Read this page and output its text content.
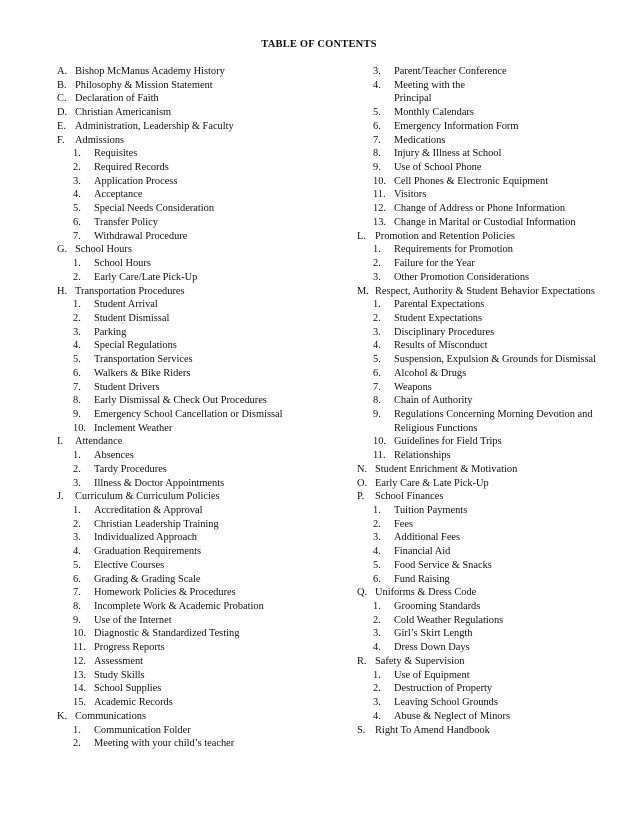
TABLE OF CONTENTS
A. Bishop McManus Academy History
B. Philosophy & Mission Statement
C. Declaration of Faith
D. Christian Americanism
E. Administration, Leadership & Faculty
F. Admissions
1. Requisites
2. Required Records
3. Application Process
4. Acceptance
5. Special Needs Consideration
6. Transfer Policy
7. Withdrawal Procedure
G. School Hours
1. School Hours
2. Early Care/Late Pick-Up
H. Transportation Procedures
1. Student Arrival
2. Student Dismissal
3. Parking
4. Special Regulations
5. Transportation Services
6. Walkers & Bike Riders
7. Student Drivers
8. Early Dismissal & Check Out Procedures
9. Emergency School Cancellation or Dismissal
10. Inclement Weather
I. Attendance
1. Absences
2. Tardy Procedures
3. Illness & Doctor Appointments
J. Curriculum & Curriculum Policies
1. Accreditation & Approval
2. Christian Leadership Training
3. Individualized Approach
4. Graduation Requirements
5. Elective Courses
6. Grading & Grading Scale
7. Homework Policies & Procedures
8. Incomplete Work & Academic Probation
9. Use of the Internet
10. Diagnostic & Standardized Testing
11. Progress Reports
12. Assessment
13. Study Skills
14. School Supplies
15. Academic Records
K. Communications
1. Communication Folder
2. Meeting with your child’s teacher
3. Parent/Teacher Conference
4. Meeting with the
Principal
5. Monthly Calendars
6. Emergency Information Form
7. Medications
8. Injury & Illness at School
9. Use of School Phone
10. Cell Phones & Electronic Equipment
11. Visitors
12. Change of Address or Phone Information
13. Change in Marital or Custodial Information
L. Promotion and Retention Policies
1. Requirements for Promotion
2. Failure for the Year
3. Other Promotion Considerations
M. Respect, Authority & Student Behavior Expectations
1. Parental Expectations
2. Student Expectations
3. Disciplinary Procedures
4. Results of Misconduct
5. Suspension, Expulsion & Grounds for Dismissal
6. Alcohol & Drugs
7. Weapons
8. Chain of Authority
9. Regulations Concerning Morning Devotion and
Religious Functions
10. Guidelines for Field Trips
11. Relationships
N. Student Enrichment & Motivation
O. Early Care & Late Pick-Up
P. School Finances
1. Tuition Payments
2. Fees
3. Additional Fees
4. Financial Aid
5. Food Service & Snacks
6. Fund Raising
Q. Uniforms & Dress Code
1. Grooming Standards
2. Cold Weather Regulations
3. Girl’s Skirt Length
4. Dress Down Days
R. Safety & Supervision
1. Use of Equipment
2. Destruction of Property
3. Leaving School Grounds
4. Abuse & Neglect of Minors
S. Right To Amend Handbook
